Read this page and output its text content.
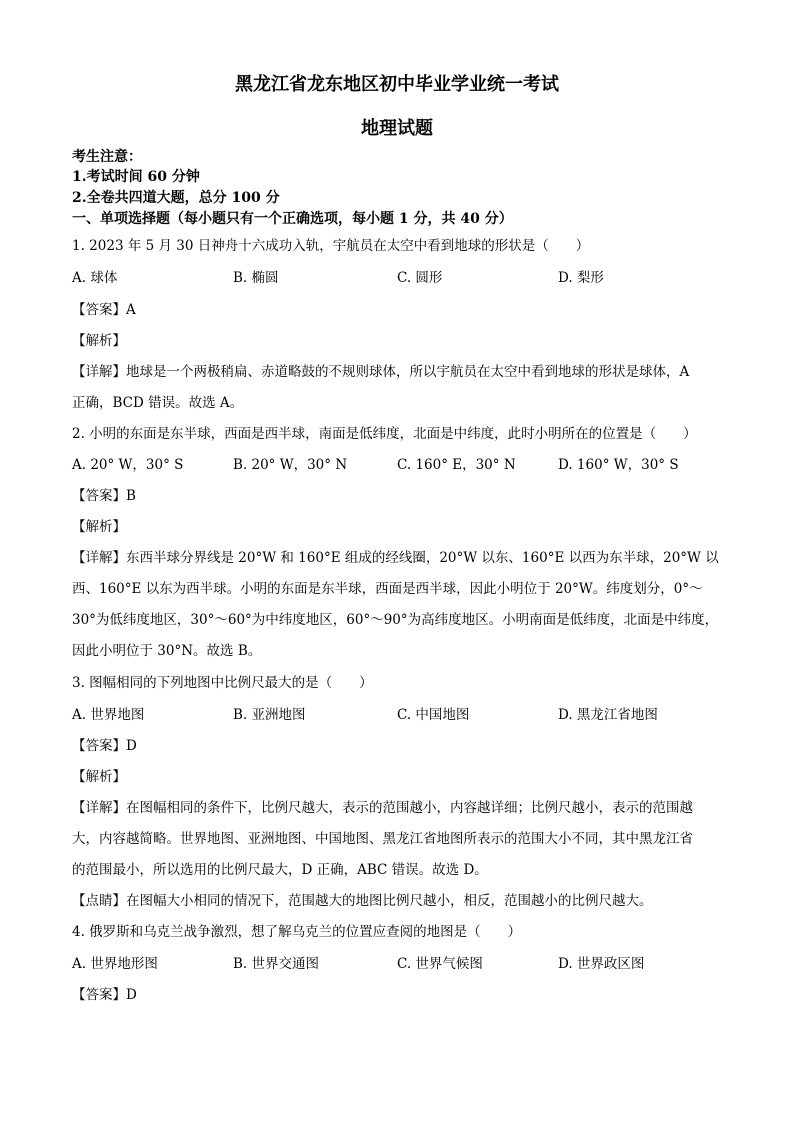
黑龙江省龙东地区初中毕业学业统一考试
地理试题
考生注意：
1.考试时间 60 分钟
2.全卷共四道大题，总分 100 分
一、单项选择题（每小题只有一个正确选项，每小题 1 分，共 40 分）
1. 2023 年 5 月 30 日神舟十六成功入轨，宇航员在太空中看到地球的形状是（　　）
A. 球体	B. 椭圆	C. 圆形	D. 梨形
【答案】A
【解析】
【详解】地球是一个两极稍扁、赤道略鼓的不规则球体，所以宇航员在太空中看到地球的形状是球体，A
正确，BCD 错误。故选 A。
2. 小明的东面是东半球，西面是西半球，南面是低纬度，北面是中纬度，此时小明所在的位置是（　　）
A. 20° W，30° S	B. 20° W，30° N	C. 160° E，30° N	D. 160° W，30° S
【答案】B
【解析】
【详解】东西半球分界线是 20°W 和 160°E 组成的经线圈，20°W 以东、160°E 以西为东半球，20°W 以
西、160°E 以东为西半球。小明的东面是东半球，西面是西半球，因此小明位于 20°W。纬度划分，0°～
30°为低纬度地区，30°～60°为中纬度地区，60°～90°为高纬度地区。小明南面是低纬度，北面是中纬度，
因此小明位于 30°N。故选 B。
3. 图幅相同的下列地图中比例尺最大的是（　　）
A. 世界地图	B. 亚洲地图	C. 中国地图	D. 黑龙江省地图
【答案】D
【解析】
【详解】在图幅相同的条件下，比例尺越大，表示的范围越小，内容越详细；比例尺越小，表示的范围越
大，内容越简略。世界地图、亚洲地图、中国地图、黑龙江省地图所表示的范围大小不同，其中黑龙江省
的范围最小，所以选用的比例尺最大，D 正确，ABC 错误。故选 D。
【点睛】在图幅大小相同的情况下，范围越大的地图比例尺越小，相反，范围越小的比例尺越大。
4. 俄罗斯和乌克兰战争激烈，想了解乌克兰的位置应查阅的地图是（　　）
A. 世界地形图	B. 世界交通图	C. 世界气候图	D. 世界政区图
【答案】D
